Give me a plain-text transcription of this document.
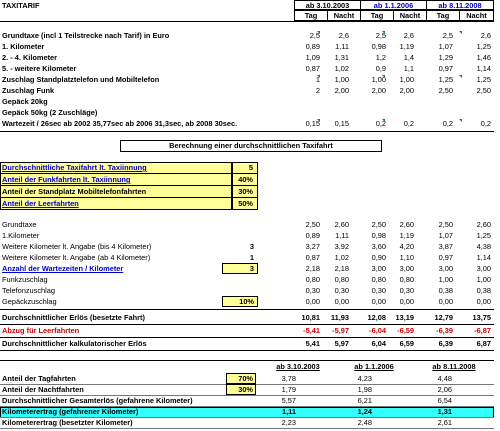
TAXITARIF	ab 3.10.2003	ab 1.1.2006	ab 8.11.2008
Tag	Nacht	Tag	Nacht	Tag	Nacht
Grundtaxe (incl 1 Teilstrecke nach Tarif) in Euro	2,5	2,6	2,5	2,6	2,5	2,6
1. Kilometer	0,89	1,11	0,98	1,19	1,07	1,25
2. - 4. Kilometer	1,09	1,31	1,2	1,4	1,29	1,46
5. - weitere Kilometer	0,87	1,02	0,9	1,1	0,97	1,14
Zuschlag Standplatztelefon und Mobiltelefon	1	1,00	1,00	1,00	1,25	1,25
Zuschlag Funk	2	2,00	2,00	2,00	2,50	2,50
Gepäck 20kg
Gepäck 50kg (2 Zuschläge)
Wartezeit / 26sec ab 2002 35,77sec ab 2006 31,3sec, ab 2008 30sec.	0,15	0,15	0,2	0,2	0,2	0,2
Berechnung einer durchschnittlichen Taxifahrt
Durchschnittliche Taxifahrt lt. Taxiinnung	5
Anteil der Funkfahrten lt. Taxiinnung	40%
Anteil der Standplatz Mobiltelefonfahrten	30%
Anteil der Leerfahrten	50%
Grundtaxe	2,50	2,60	2,50	2,60	2,50	2,60
1.Kilometer	0,89	1,11	0,98	1,19	1,07	1,25
Weitere Kilometer lt. Angabe (bis 4 Kilometer)	3	3,27	3,92	3,60	4,20	3,87	4,38
Weitere Kilometer lt. Angabe (ab 4 Kilometer)	1	0,87	1,02	0,90	1,10	0,97	1,14
Anzahl der Wartezeiten / Kilometer	3	2,18	2,18	3,00	3,00	3,00	3,00
Funkzuschlag	0,80	0,80	0,80	0,80	1,00	1,00
Telefonzuschlag	0,30	0,30	0,30	0,30	0,38	0,38
Gepäckzuschlag	10%	0,00	0,00	0,00	0,00	0,00	0,00
Durchschnittlicher Erlös (besetzte Fahrt)	10,81	11,93	12,08	13,19	12,79	13,75
Abzug für Leerfahrten	-5,41	-5,97	-6,04	-6,59	-6,39	-6,87
Durchschnittlicher kalkulatorischer Erlös	5,41	5,97	6,04	6,59	6,39	6,87
ab 3.10.2003	ab 1.1.2006	ab 8.11.2008
Anteil der Tagfahrten	70%	3,78	4,23	4,48
Anteil der Nachtfahrten	30%	1,79	1,98	2,06
Durchschnittlicher Gesamterlös (gefahrene Kilometer)	5,57	6,21	6,54
Kilometerertrag (gefahrener Kilometer)	1,11	1,24	1,31
Kilometerertrag (besetzter Kilometer)	2,23	2,48	2,61
